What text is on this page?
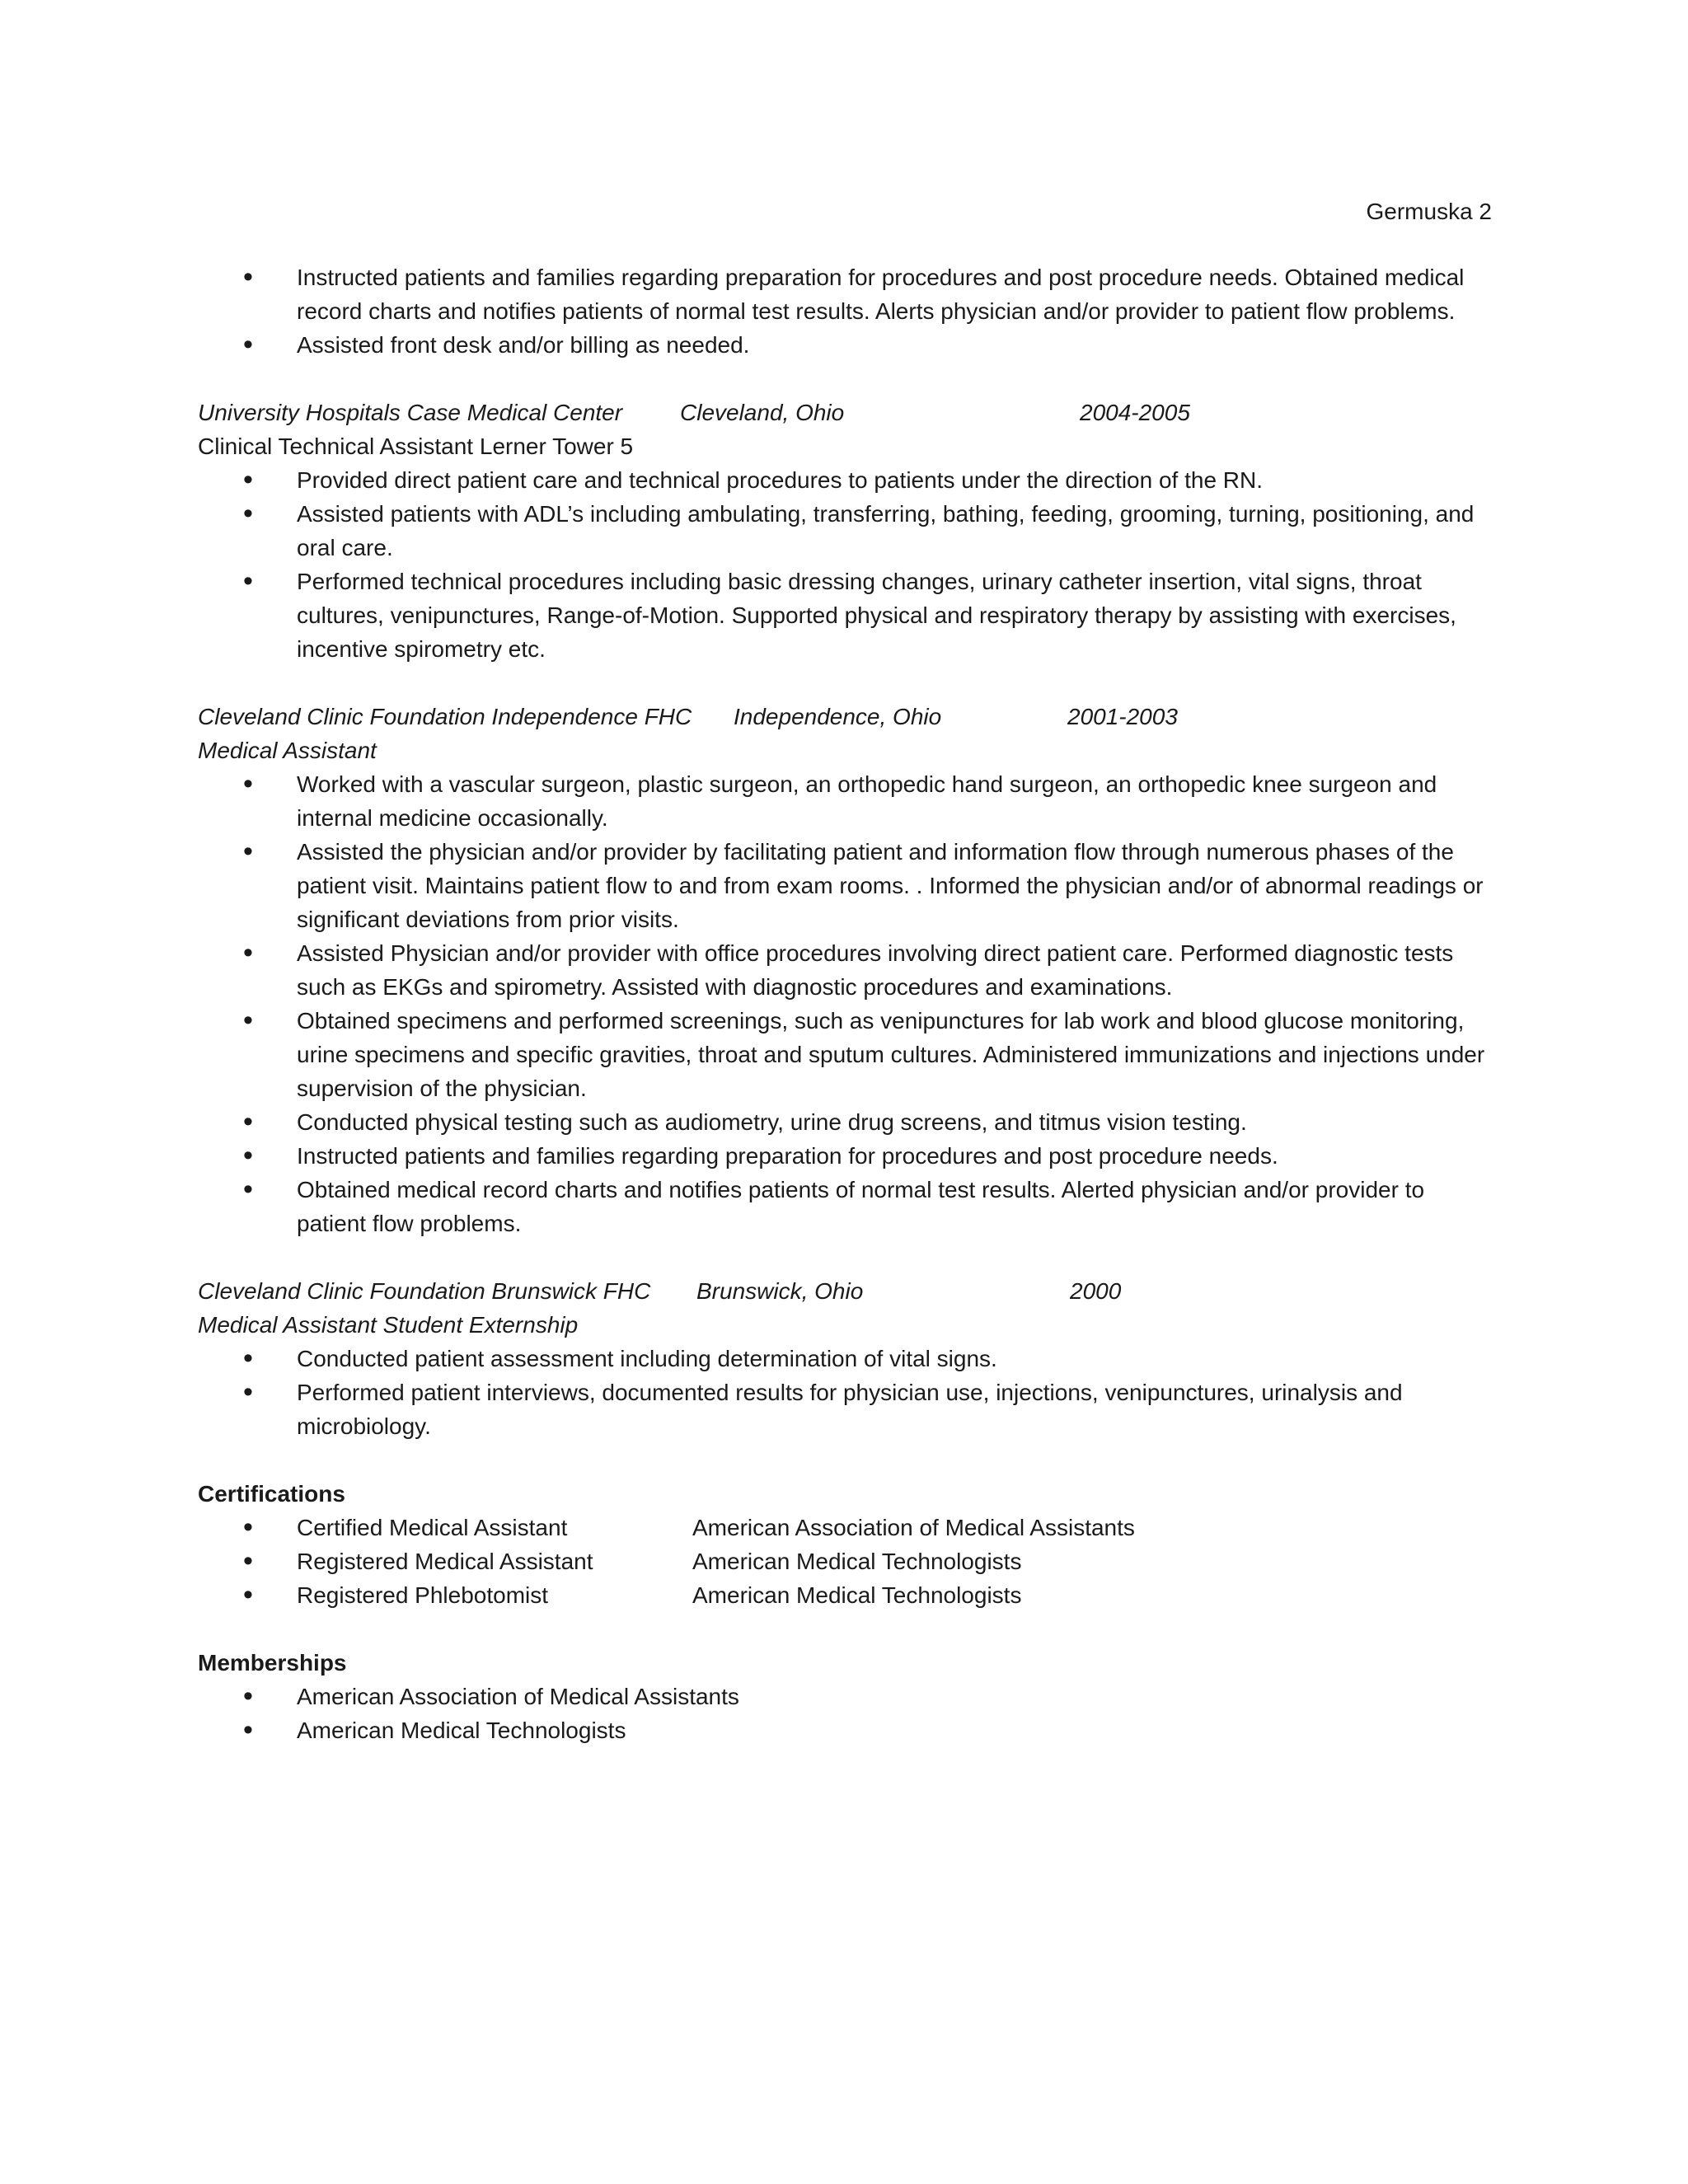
Germuska 2
• Instructed patients and families regarding preparation for procedures and post procedure needs. Obtained medical record charts and notifies patients of normal test results. Alerts physician and/or provider to patient flow problems.
• Assisted front desk and/or billing as needed.
University Hospitals Case Medical Center Cleveland, Ohio	2004-2005
Clinical Technical Assistant Lerner Tower 5
• Provided direct patient care and technical procedures to patients under the direction of the RN.
• Assisted patients with ADL’s including ambulating, transferring, bathing, feeding, grooming, turning, positioning, and oral care.
• Performed technical procedures including basic dressing changes, urinary catheter insertion, vital signs, throat cultures, venipunctures, Range-of-Motion. Supported physical and respiratory therapy by assisting with exercises, incentive spirometry etc.
Cleveland Clinic Foundation Independence FHC Independence, Ohio	2001-2003
Medical Assistant
• Worked with a vascular surgeon, plastic surgeon, an orthopedic hand surgeon, an orthopedic knee surgeon and internal medicine occasionally.
• Assisted the physician and/or provider by facilitating patient and information flow through numerous phases of the patient visit. Maintains patient flow to and from exam rooms. . Informed the physician and/or of abnormal readings or significant deviations from prior visits.
• Assisted Physician and/or provider with office procedures involving direct patient care. Performed diagnostic tests such as EKGs and spirometry. Assisted with diagnostic procedures and examinations.
• Obtained specimens and performed screenings, such as venipunctures for lab work and blood glucose monitoring, urine specimens and specific gravities, throat and sputum cultures. Administered immunizations and injections under supervision of the physician.
• Conducted physical testing such as audiometry, urine drug screens, and titmus vision testing.
• Instructed patients and families regarding preparation for procedures and post procedure needs.
• Obtained medical record charts and notifies patients of normal test results. Alerted physician and/or provider to patient flow problems.
Cleveland Clinic Foundation Brunswick FHC Brunswick, Ohio	2000
Medical Assistant Student Externship
• Conducted patient assessment including determination of vital signs.
• Performed patient interviews, documented results for physician use, injections, venipunctures, urinalysis and microbiology.
Certifications
• Certified Medical Assistant	American Association of Medical Assistants
• Registered Medical Assistant	American Medical Technologists
• Registered Phlebotomist	American Medical Technologists
Memberships
• American Association of Medical Assistants
• American Medical Technologists
